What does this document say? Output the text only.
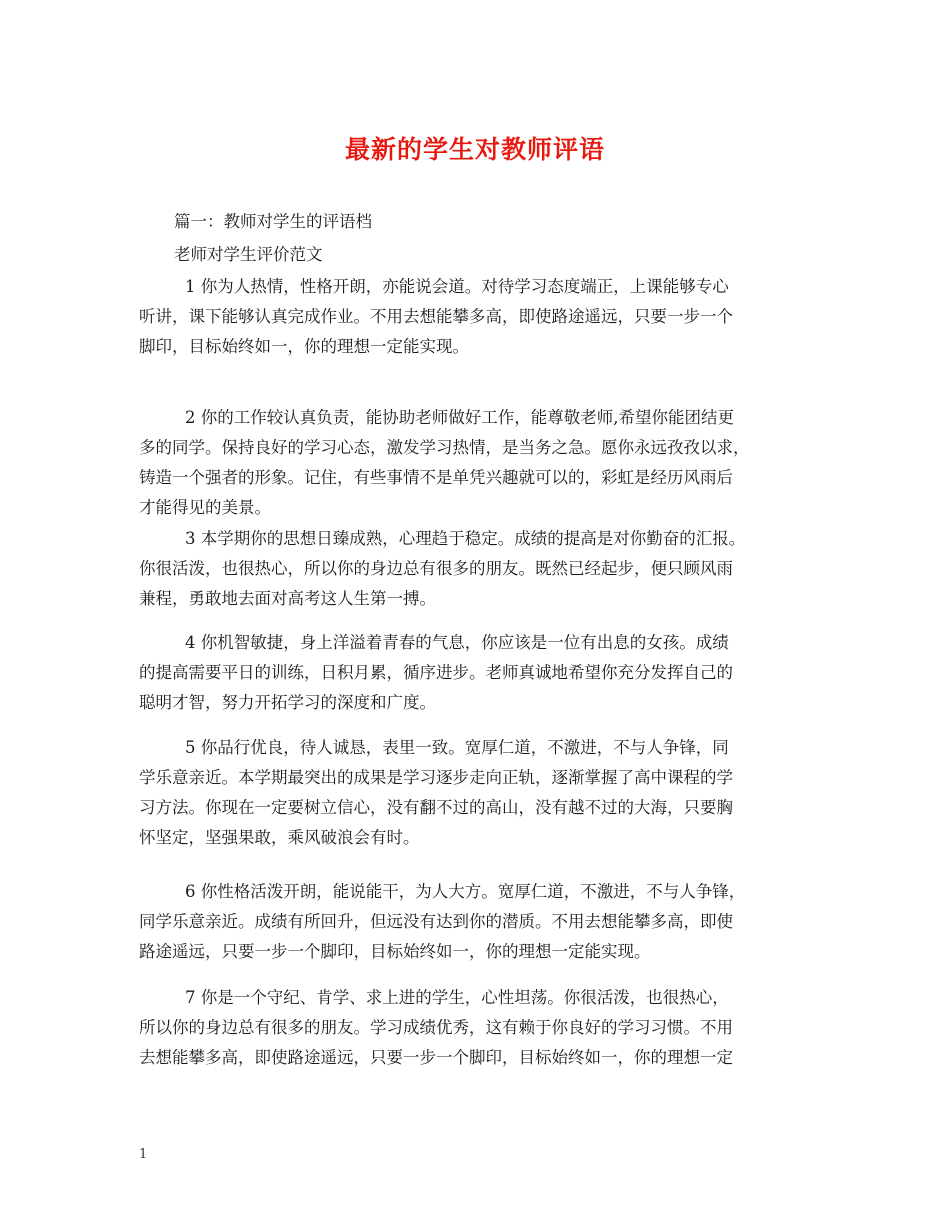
最新的学生对教师评语
篇一：教师对学生的评语档
老师对学生评价范文
1 你为人热情，性格开朗，亦能说会道。对待学习态度端正，上课能够专心
听讲，课下能够认真完成作业。不用去想能攀多高，即使路途遥远，只要一步一个
脚印，目标始终如一，你的理想一定能实现。
2 你的工作较认真负责，能协助老师做好工作，能尊敬老师,希望你能团结更
多的同学。保持良好的学习心态，激发学习热情，是当务之急。愿你永远孜孜以求，
铸造一个强者的形象。记住，有些事情不是单凭兴趣就可以的，彩虹是经历风雨后
才能得见的美景。
3 本学期你的思想日臻成熟，心理趋于稳定。成绩的提高是对你勤奋的汇报。
你很活泼，也很热心，所以你的身边总有很多的朋友。既然已经起步，便只顾风雨
兼程，勇敢地去面对高考这人生第一搏。
4 你机智敏捷，身上洋溢着青春的气息，你应该是一位有出息的女孩。成绩
的提高需要平日的训练，日积月累，循序进步。老师真诚地希望你充分发挥自己的
聪明才智，努力开拓学习的深度和广度。
5 你品行优良，待人诚恳，表里一致。宽厚仁道，不激进，不与人争锋，同
学乐意亲近。本学期最突出的成果是学习逐步走向正轨，逐渐掌握了高中课程的学
习方法。你现在一定要树立信心，没有翻不过的高山，没有越不过的大海，只要胸
怀坚定，坚强果敢，乘风破浪会有时。
6 你性格活泼开朗，能说能干，为人大方。宽厚仁道，不激进，不与人争锋，
同学乐意亲近。成绩有所回升，但远没有达到你的潜质。不用去想能攀多高，即使
路途遥远，只要一步一个脚印，目标始终如一，你的理想一定能实现。
7 你是一个守纪、肯学、求上进的学生，心性坦荡。你很活泼，也很热心，
所以你的身边总有很多的朋友。学习成绩优秀，这有赖于你良好的学习习惯。不用
去想能攀多高，即使路途遥远，只要一步一个脚印，目标始终如一，你的理想一定
1
